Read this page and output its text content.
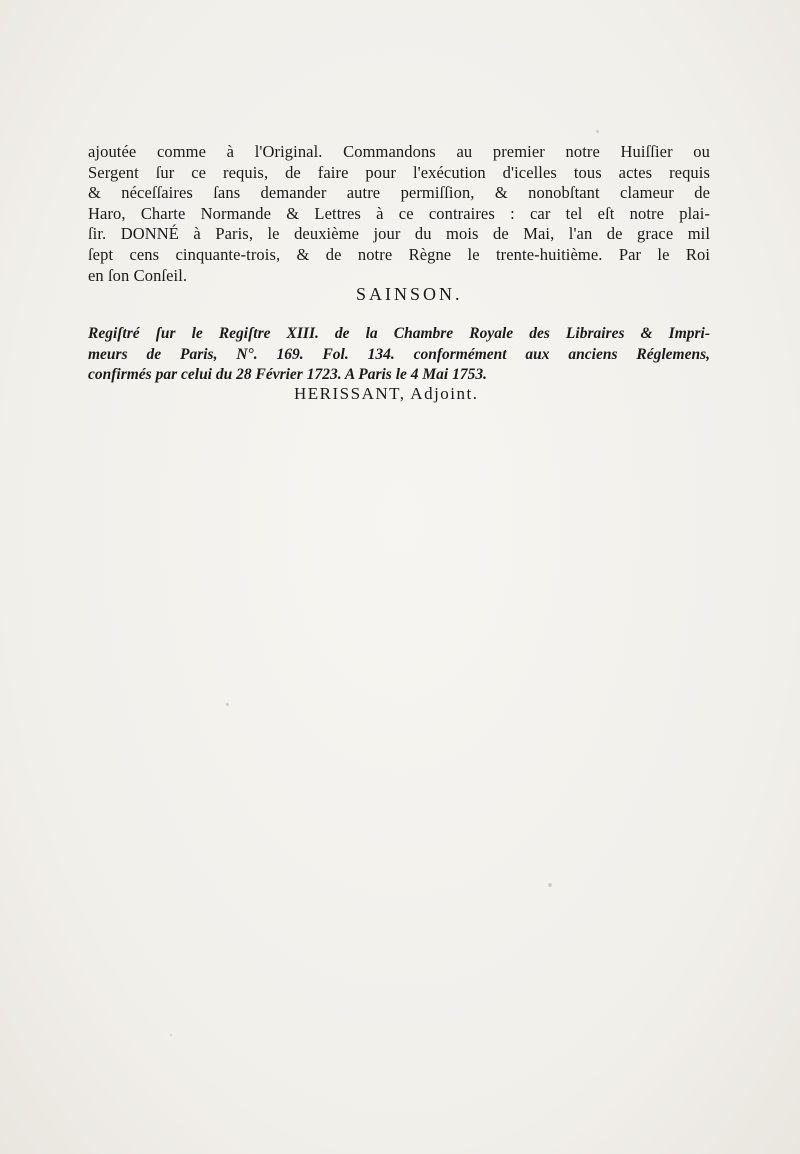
ajoutée comme à l'Original. Commandons au premier notre Huiſſier ou
Sergent ſur ce requis, de faire pour l'exécution d'icelles tous actes requis
& néceſſaires ſans demander autre permiſſion, & nonobſtant clameur de
Haro, Charte Normande & Lettres à ce contraires : car tel eſt notre plai-
ſir. DONNÉ à Paris, le deuxième jour du mois de Mai, l'an de grace mil
ſept cens cinquante-trois, & de notre Règne le trente-huitième. Par le Roi
en ſon Conſeil.
SAINSON.
Regiſtré ſur le Regiſtre XIII. de la Chambre Royale des Libraires & Impri-
meurs de Paris, N°. 169. Fol. 134. conformément aux anciens Réglemens,
confirmés par celui du 28 Février 1723. A Paris le 4 Mai 1753.
HERISSANT, Adjoint.
